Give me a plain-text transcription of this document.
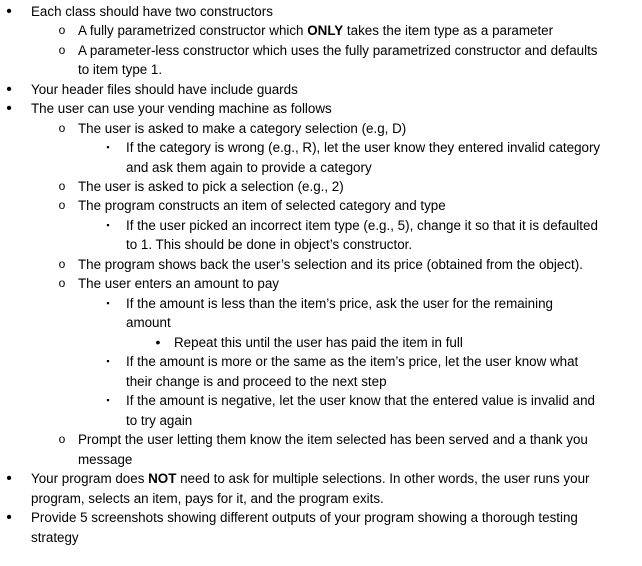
•	Each class should have two constructors
o A fully parametrized constructor which ONLY takes the item type as a parameter
o A parameter-less constructor which uses the fully parametrized constructor and defaults
to item type 1.
•	Your header files should have include guards
•	The user can use your vending machine as follows
o The user is asked to make a category selection (e.g, D)
▪	If the category is wrong (e.g., R), let the user know they entered invalid category
and ask them again to provide a category
o The user is asked to pick a selection (e.g., 2)
o The program constructs an item of selected category and type
▪	If the user picked an incorrect item type (e.g., 5), change it so that it is defaulted
to 1. This should be done in object’s constructor.
o The program shows back the user’s selection and its price (obtained from the object).
o The user enters an amount to pay
▪	If the amount is less than the item’s price, ask the user for the remaining
amount
•	Repeat this until the user has paid the item in full
▪	If the amount is more or the same as the item’s price, let the user know what
their change is and proceed to the next step
▪	If the amount is negative, let the user know that the entered value is invalid and
to try again
o Prompt the user letting them know the item selected has been served and a thank you
message
•	Your program does NOT need to ask for multiple selections. In other words, the user runs your
program, selects an item, pays for it, and the program exits.
•	Provide 5 screenshots showing different outputs of your program showing a thorough testing
strategy
